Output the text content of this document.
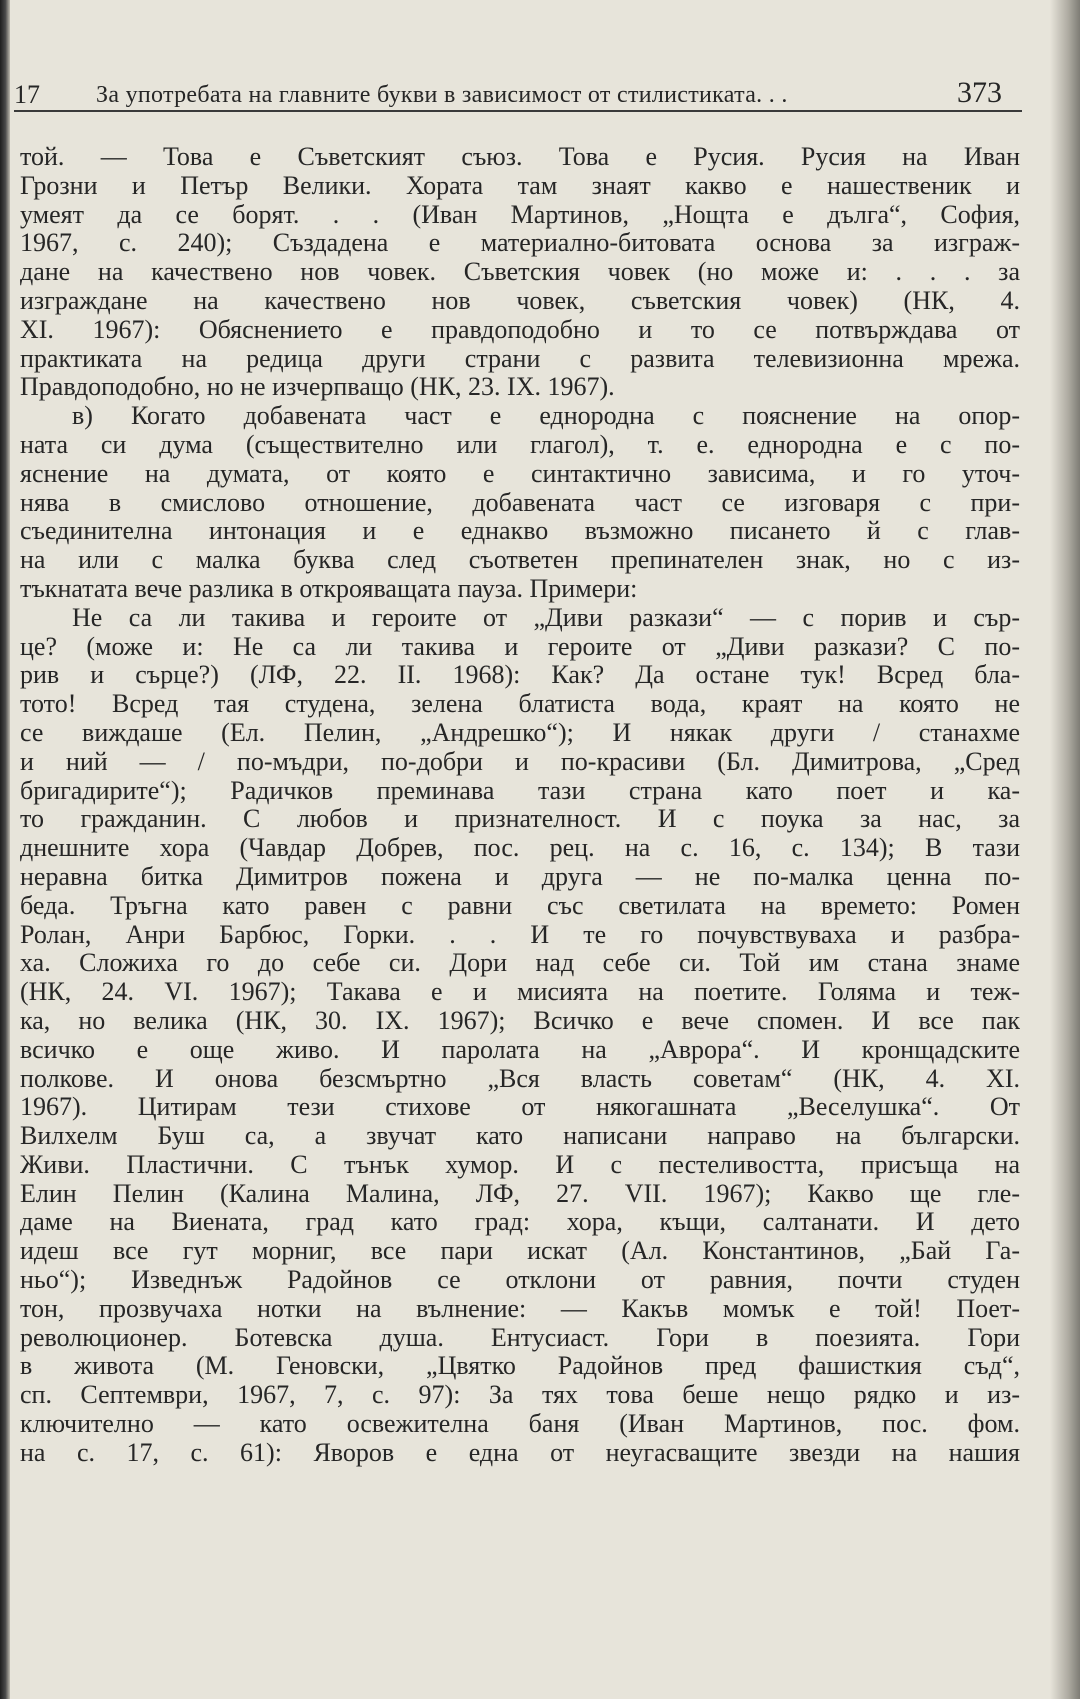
17 За употребата на главните букви в зависимост от стилистиката. . .	373
той. — Това е Съветският съюз. Това е Русия. Русия на Иван
Грозни и Петър Велики. Хората там знаят какво е нашественик и
умеят да се борят. . . (Иван Мартинов, „Нощта е дълга“, София,
1967, с. 240); Създадена е материално-битовата основа за изграж-
дане на качествено нов човек. Съветския човек (но може и: . . . за
изграждане на качествено нов човек, съветския човек) (НК, 4.
XI. 1967): Обяснението е правдоподобно и то се потвърждава от
практиката на редица други страни с развита телевизионна мрежа.
Правдоподобно, но не изчерпващо (НК, 23. IX. 1967).
в) Когато добавената част е еднородна с пояснение на опор-
ната си дума (съществително или глагол), т. е. еднородна е с по-
яснение на думата, от която е синтактично зависима, и го уточ-
нява в смислово отношение, добавената част се изговаря с при-
съединителна интонация и е еднакво възможно писането й с глав-
на или с малка буква след съответен препинателен знак, но с из-
тъкнатата вече разлика в открояващата пауза. Примери:
Не са ли такива и героите от „Диви разкази“ — с порив и сър-
це? (може и: Не са ли такива и героите от „Диви разкази? С по-
рив и сърце?) (ЛФ, 22. II. 1968): Как? Да остане тук! Всред бла-
тото! Всред тая студена, зелена блатиста вода, краят на която не
се виждаше (Ел. Пелин, „Андрешко“); И някак други / станахме
и ний — / по-мъдри, по-добри и по-красиви (Бл. Димитрова, „Сред
бригадирите“); Радичков преминава тази страна като поет и ка-
то гражданин. С любов и признателност. И с поука за нас, за
днешните хора (Чавдар Добрев, пос. рец. на с. 16, с. 134); В тази
неравна битка Димитров пожена и друга — не по-малка ценна по-
беда. Тръгна като равен с равни със светилата на времето: Ромен
Ролан, Анри Барбюс, Горки. . . И те го почувствуваха и разбра-
ха. Сложиха го до себе си. Дори над себе си. Той им стана знаме
(НК, 24. VI. 1967); Такава е и мисията на поетите. Голяма и теж-
ка, но велика (НК, 30. IX. 1967); Всичко е вече спомен. И все пак
всичко е още живо. И паролата на „Аврора“. И кронщадските
полкове. И онова безсмъртно „Вся власть советам“ (НК, 4. XI.
1967). Цитирам тези стихове от някогашната „Веселушка“. От
Вилхелм Буш са, а звучат като написани направо на български.
Живи. Пластични. С тънък хумор. И с пестеливостта, присъща на
Елин Пелин (Калина Малина, ЛФ, 27. VII. 1967); Какво ще гле-
даме на Виената, град като град: хора, къщи, салтанати. И дето
идеш все гут морниг, все пари искат (Ал. Константинов, „Бай Га-
ньо“); Изведнъж Радойнов се отклони от равния, почти студен
тон, прозвучаха нотки на вълнение: — Какъв момък е той! Поет-
революционер. Ботевска душа. Ентусиаст. Гори в поезията. Гори
в живота (М. Геновски, „Цвятко Радойнов пред фашисткия съд“,
сп. Септември, 1967, 7, с. 97): За тях това беше нещо рядко и из-
ключително — като освежителна баня (Иван Мартинов, пос. фом.
на с. 17, с. 61): Яворов е една от неугасващите звезди на нашия
